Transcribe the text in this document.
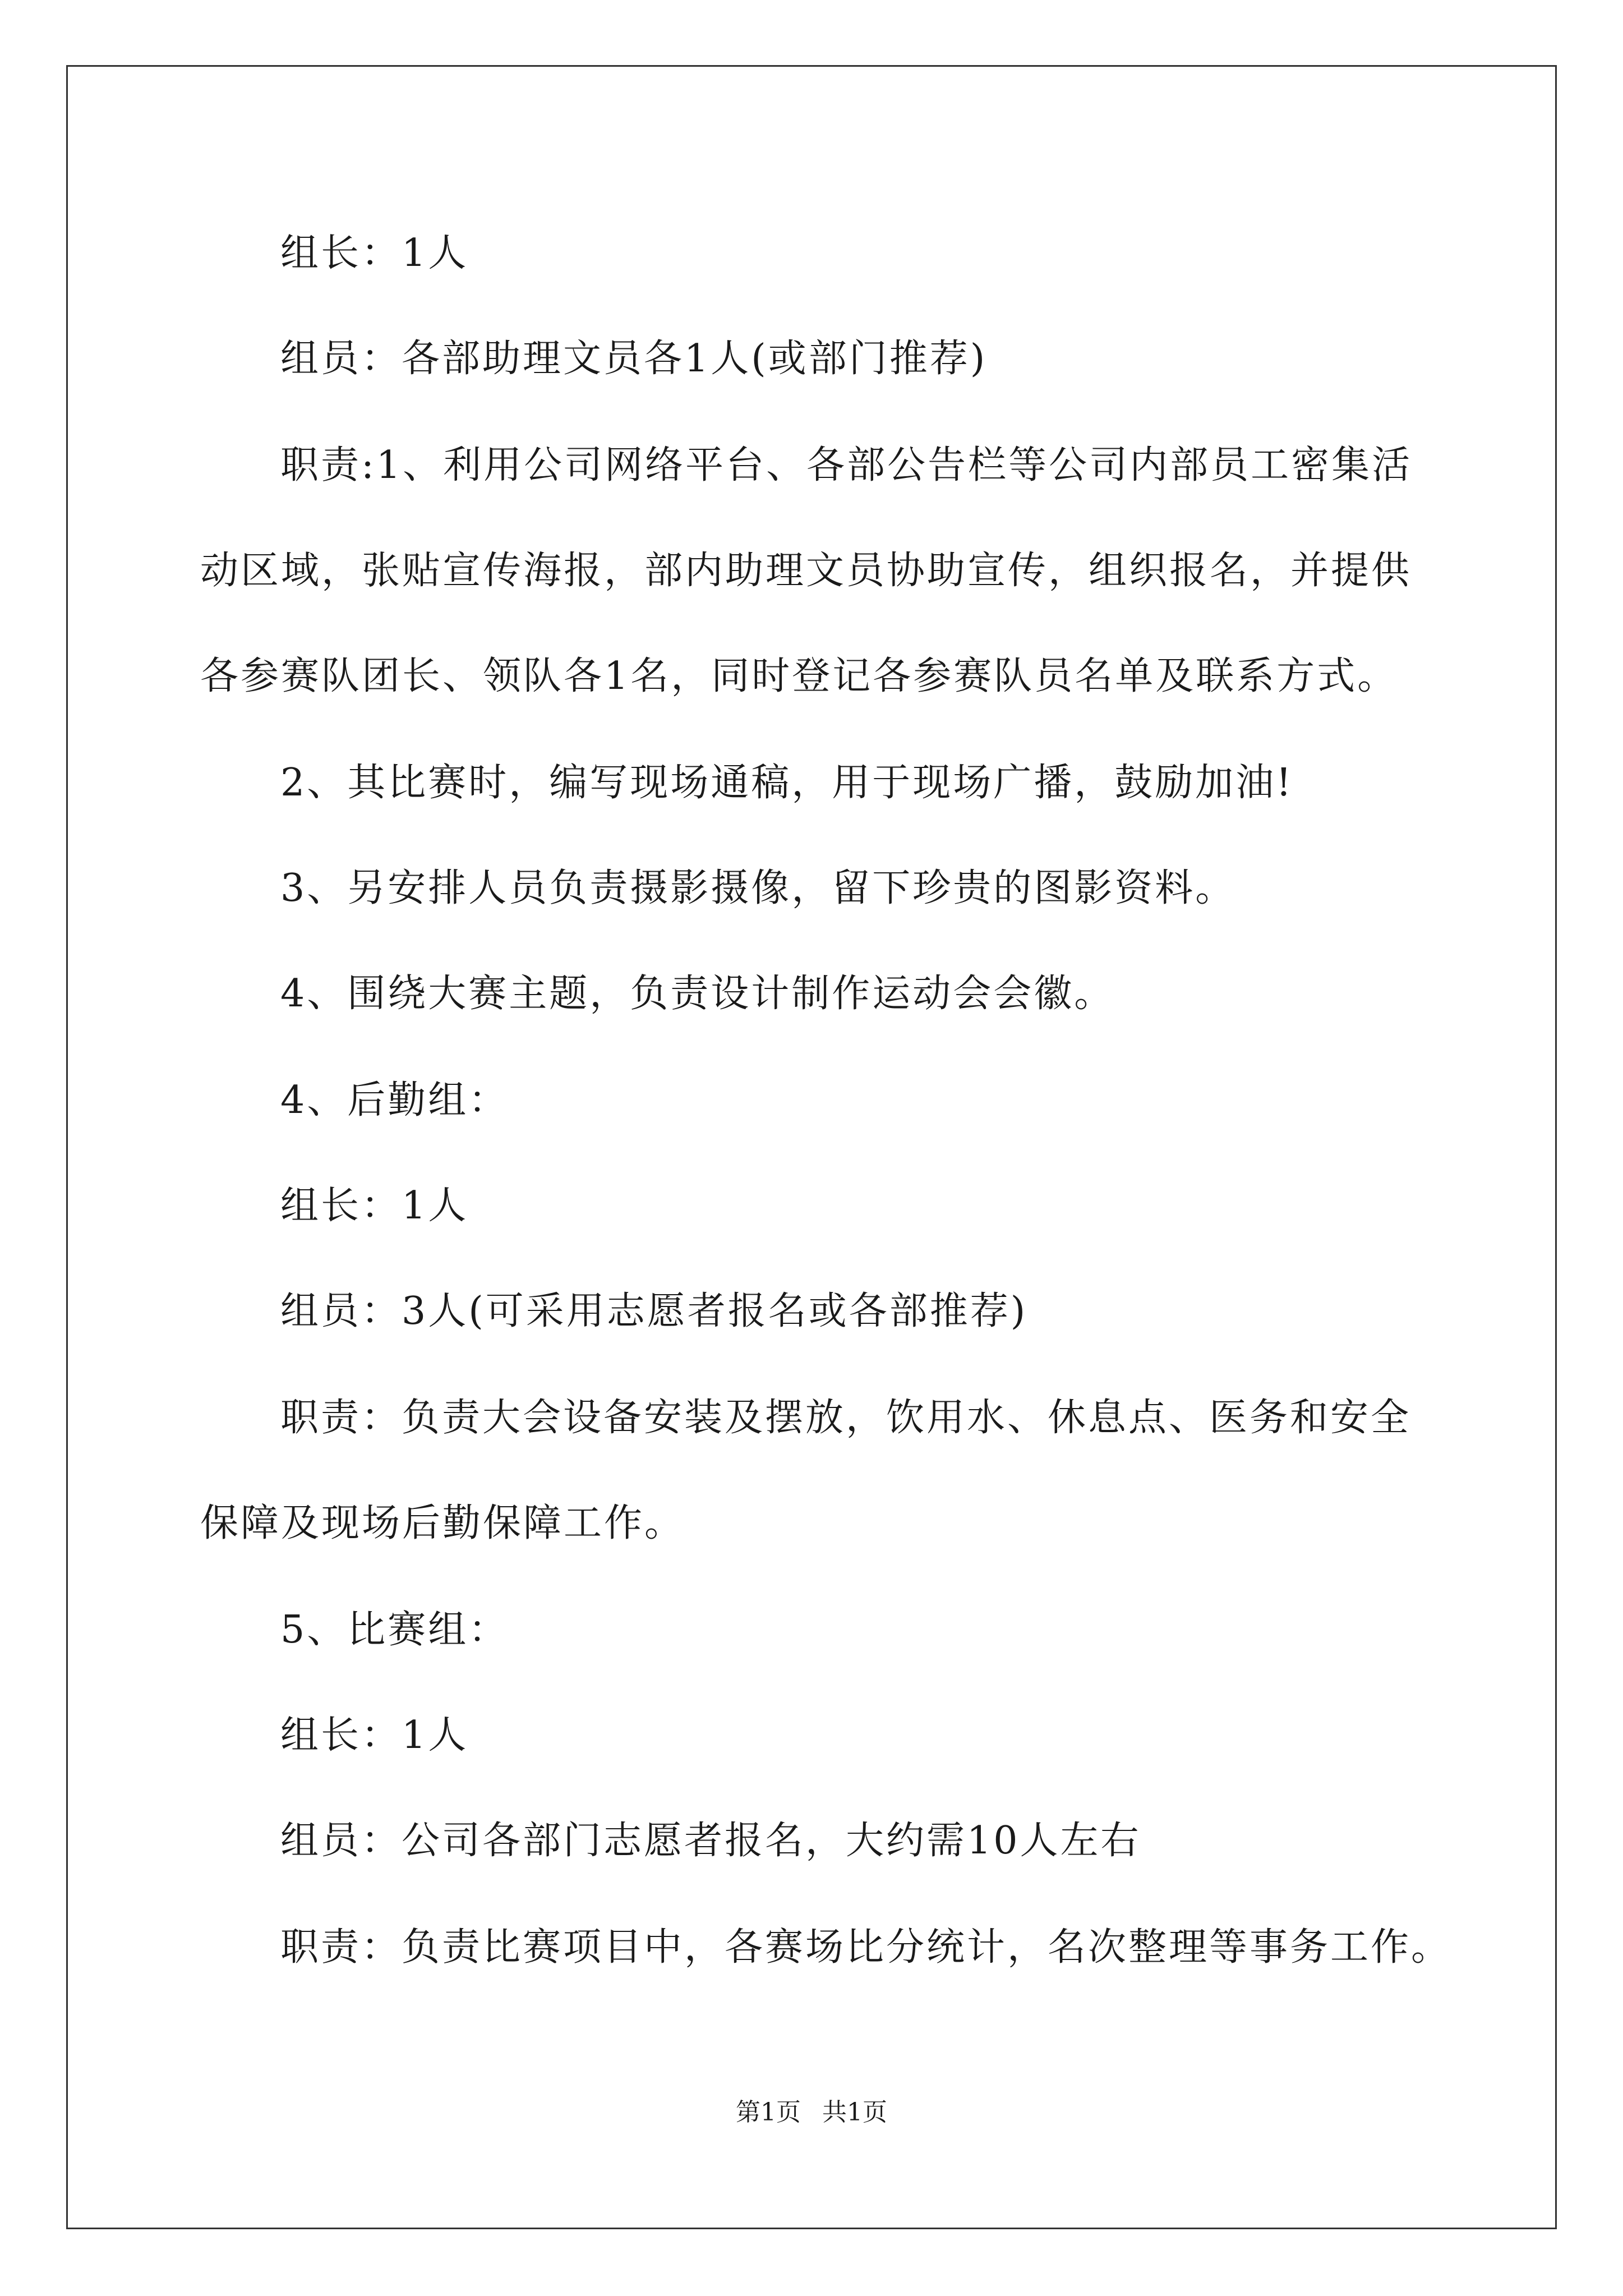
组长：1人
组员：各部助理文员各1人(或部门推荐)
职责:1、利用公司网络平台、各部公告栏等公司内部员工密集活
动区域，张贴宣传海报，部内助理文员协助宣传，组织报名，并提供
各参赛队团长、领队各1名，同时登记各参赛队员名单及联系方式。
2、其比赛时，编写现场通稿，用于现场广播，鼓励加油!
3、另安排人员负责摄影摄像，留下珍贵的图影资料。
4、围绕大赛主题，负责设计制作运动会会徽。
4、后勤组：
组长：1人
组员：3人(可采用志愿者报名或各部推荐)
职责：负责大会设备安装及摆放，饮用水、休息点、医务和安全
保障及现场后勤保障工作。
5、比赛组：
组长：1人
组员：公司各部门志愿者报名，大约需10人左右
职责：负责比赛项目中，各赛场比分统计，名次整理等事务工作。
第1页 共1页
